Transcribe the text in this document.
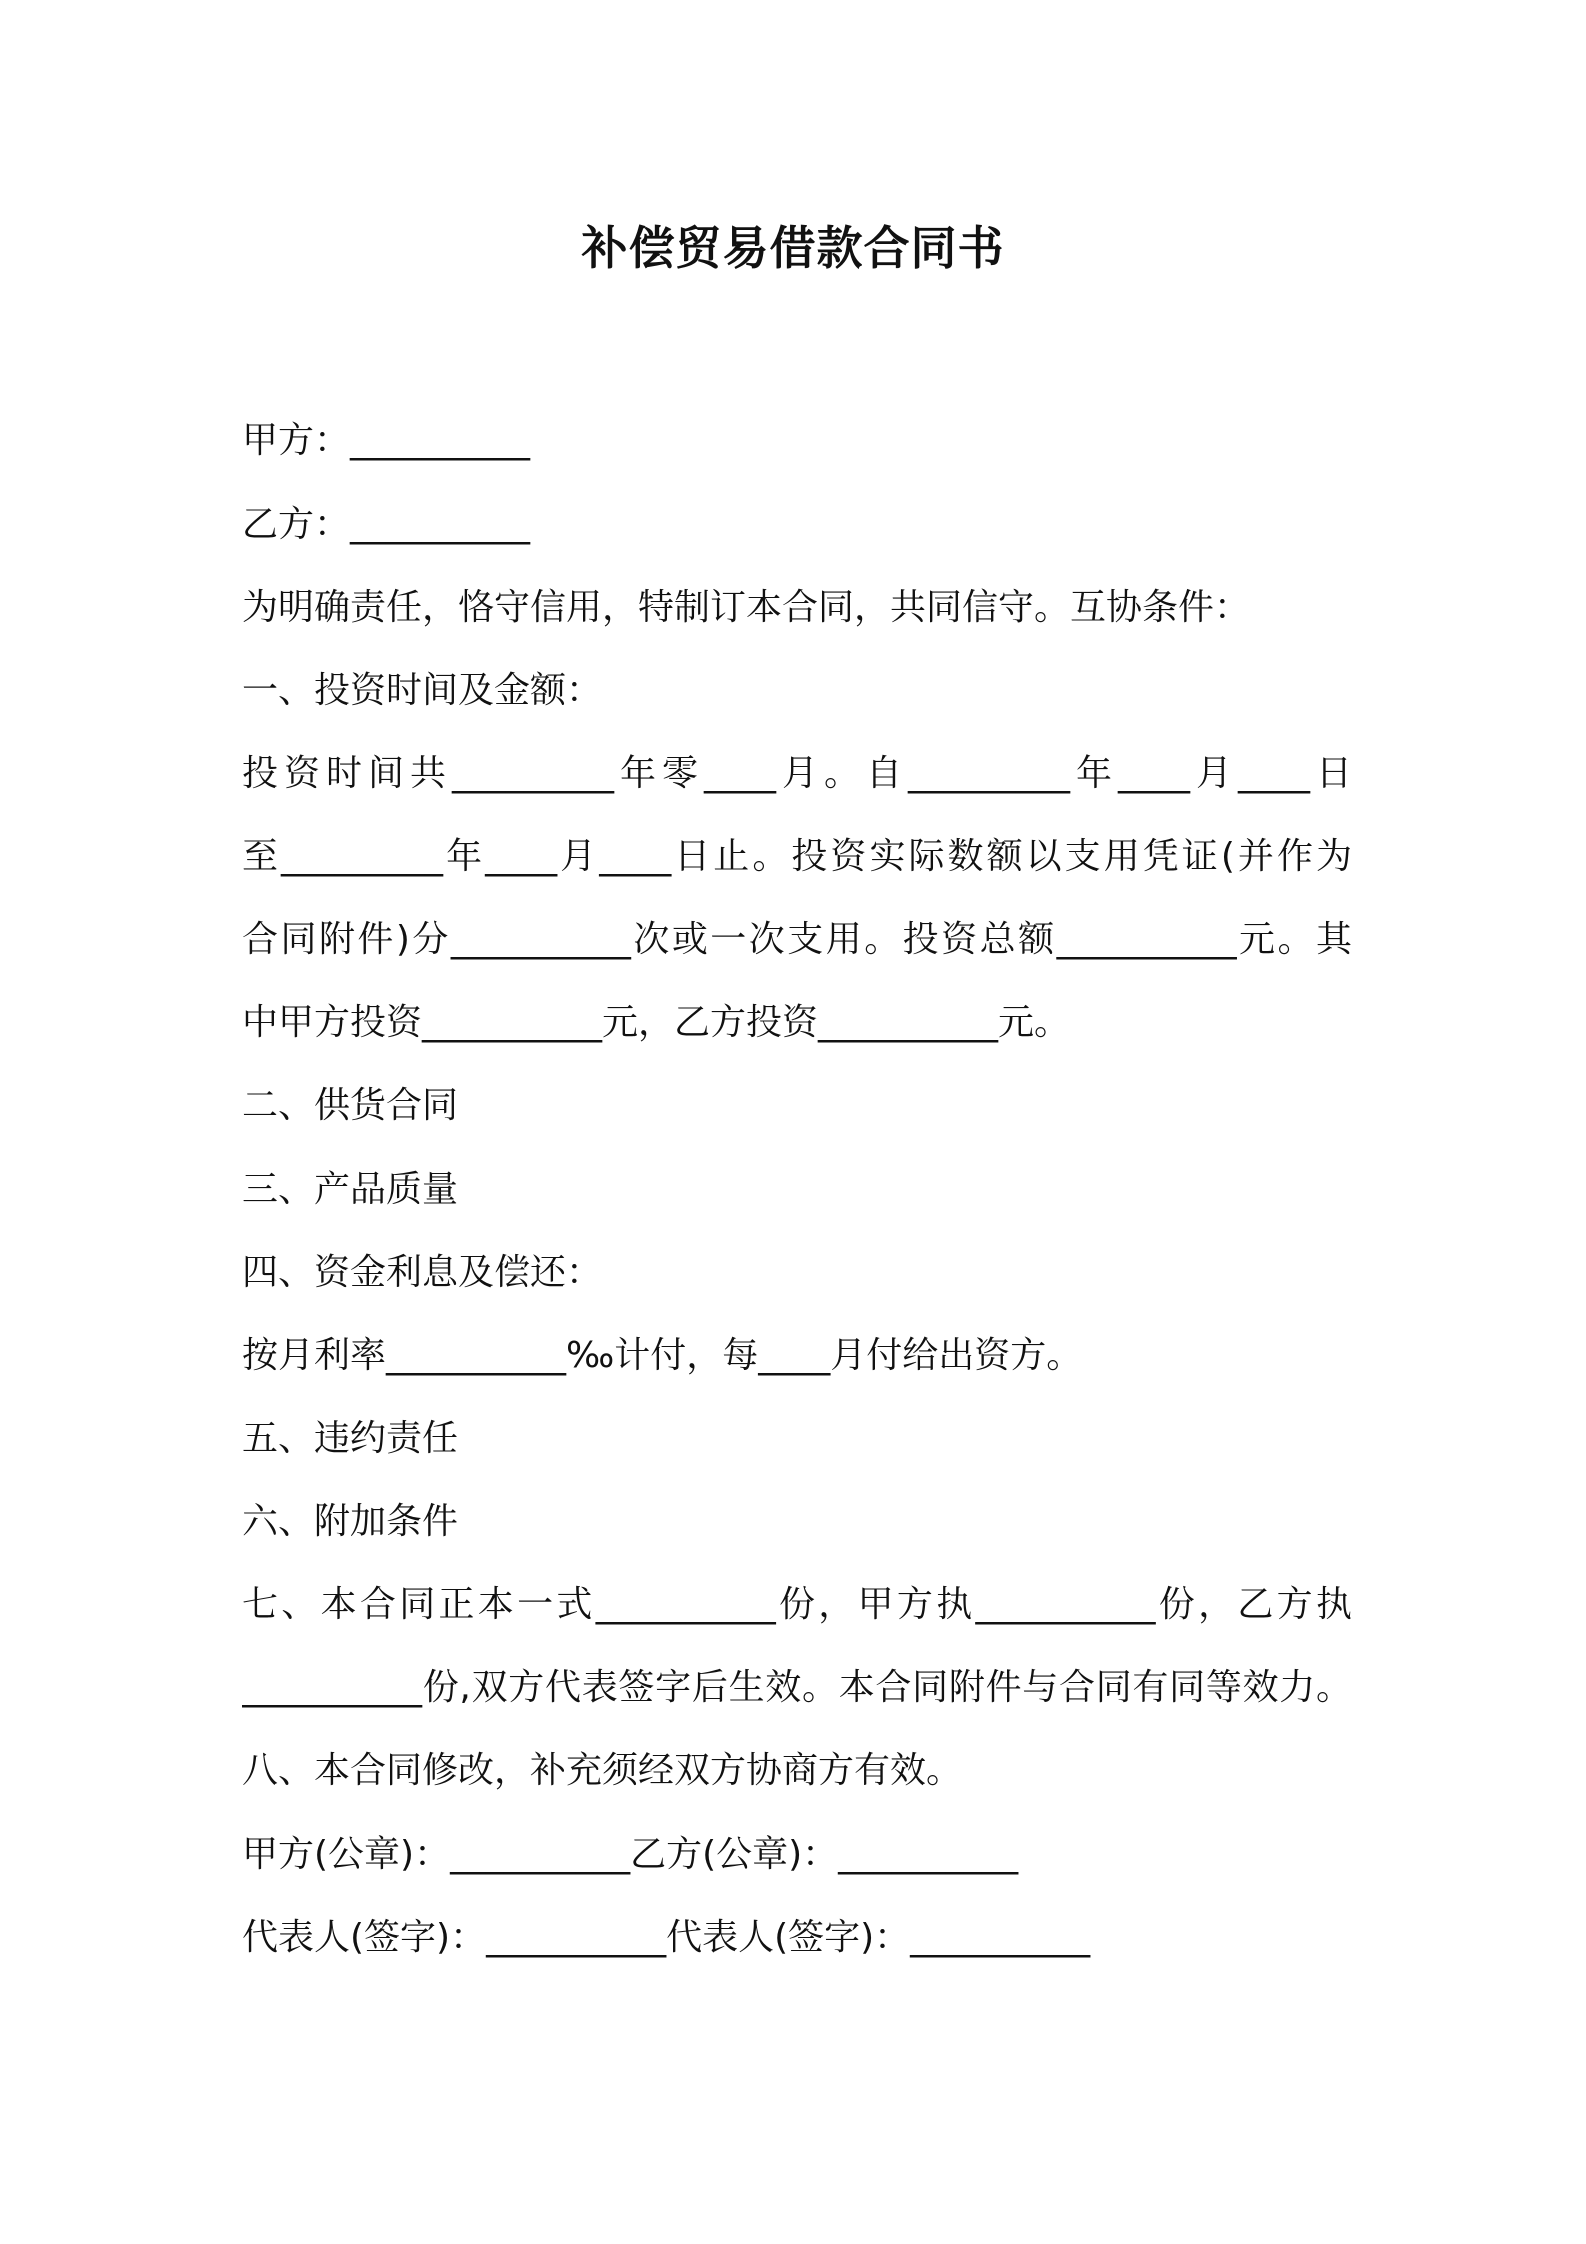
补偿贸易借款合同书
甲方：__________
乙方：__________
为明确责任，恪守信用，特制订本合同，共同信守。互协条件：
一、投资时间及金额：
投资时间共_________年零____月。自_________年____月____日
至_________年____月____日止。投资实际数额以支用凭证(并作为
合同附件)分__________次或一次支用。投资总额__________元。其
中甲方投资__________元，乙方投资__________元。
二、供货合同
三、产品质量
四、资金利息及偿还：
按月利率__________‰计付，每____月付给出资方。
五、违约责任
六、附加条件
七、本合同正本一式__________份，甲方执__________份，乙方执
__________份,双方代表签字后生效。本合同附件与合同有同等效力。
八、本合同修改，补充须经双方协商方有效。
甲方(公章)：__________乙方(公章)：__________
代表人(签字)：__________代表人(签字)：__________
